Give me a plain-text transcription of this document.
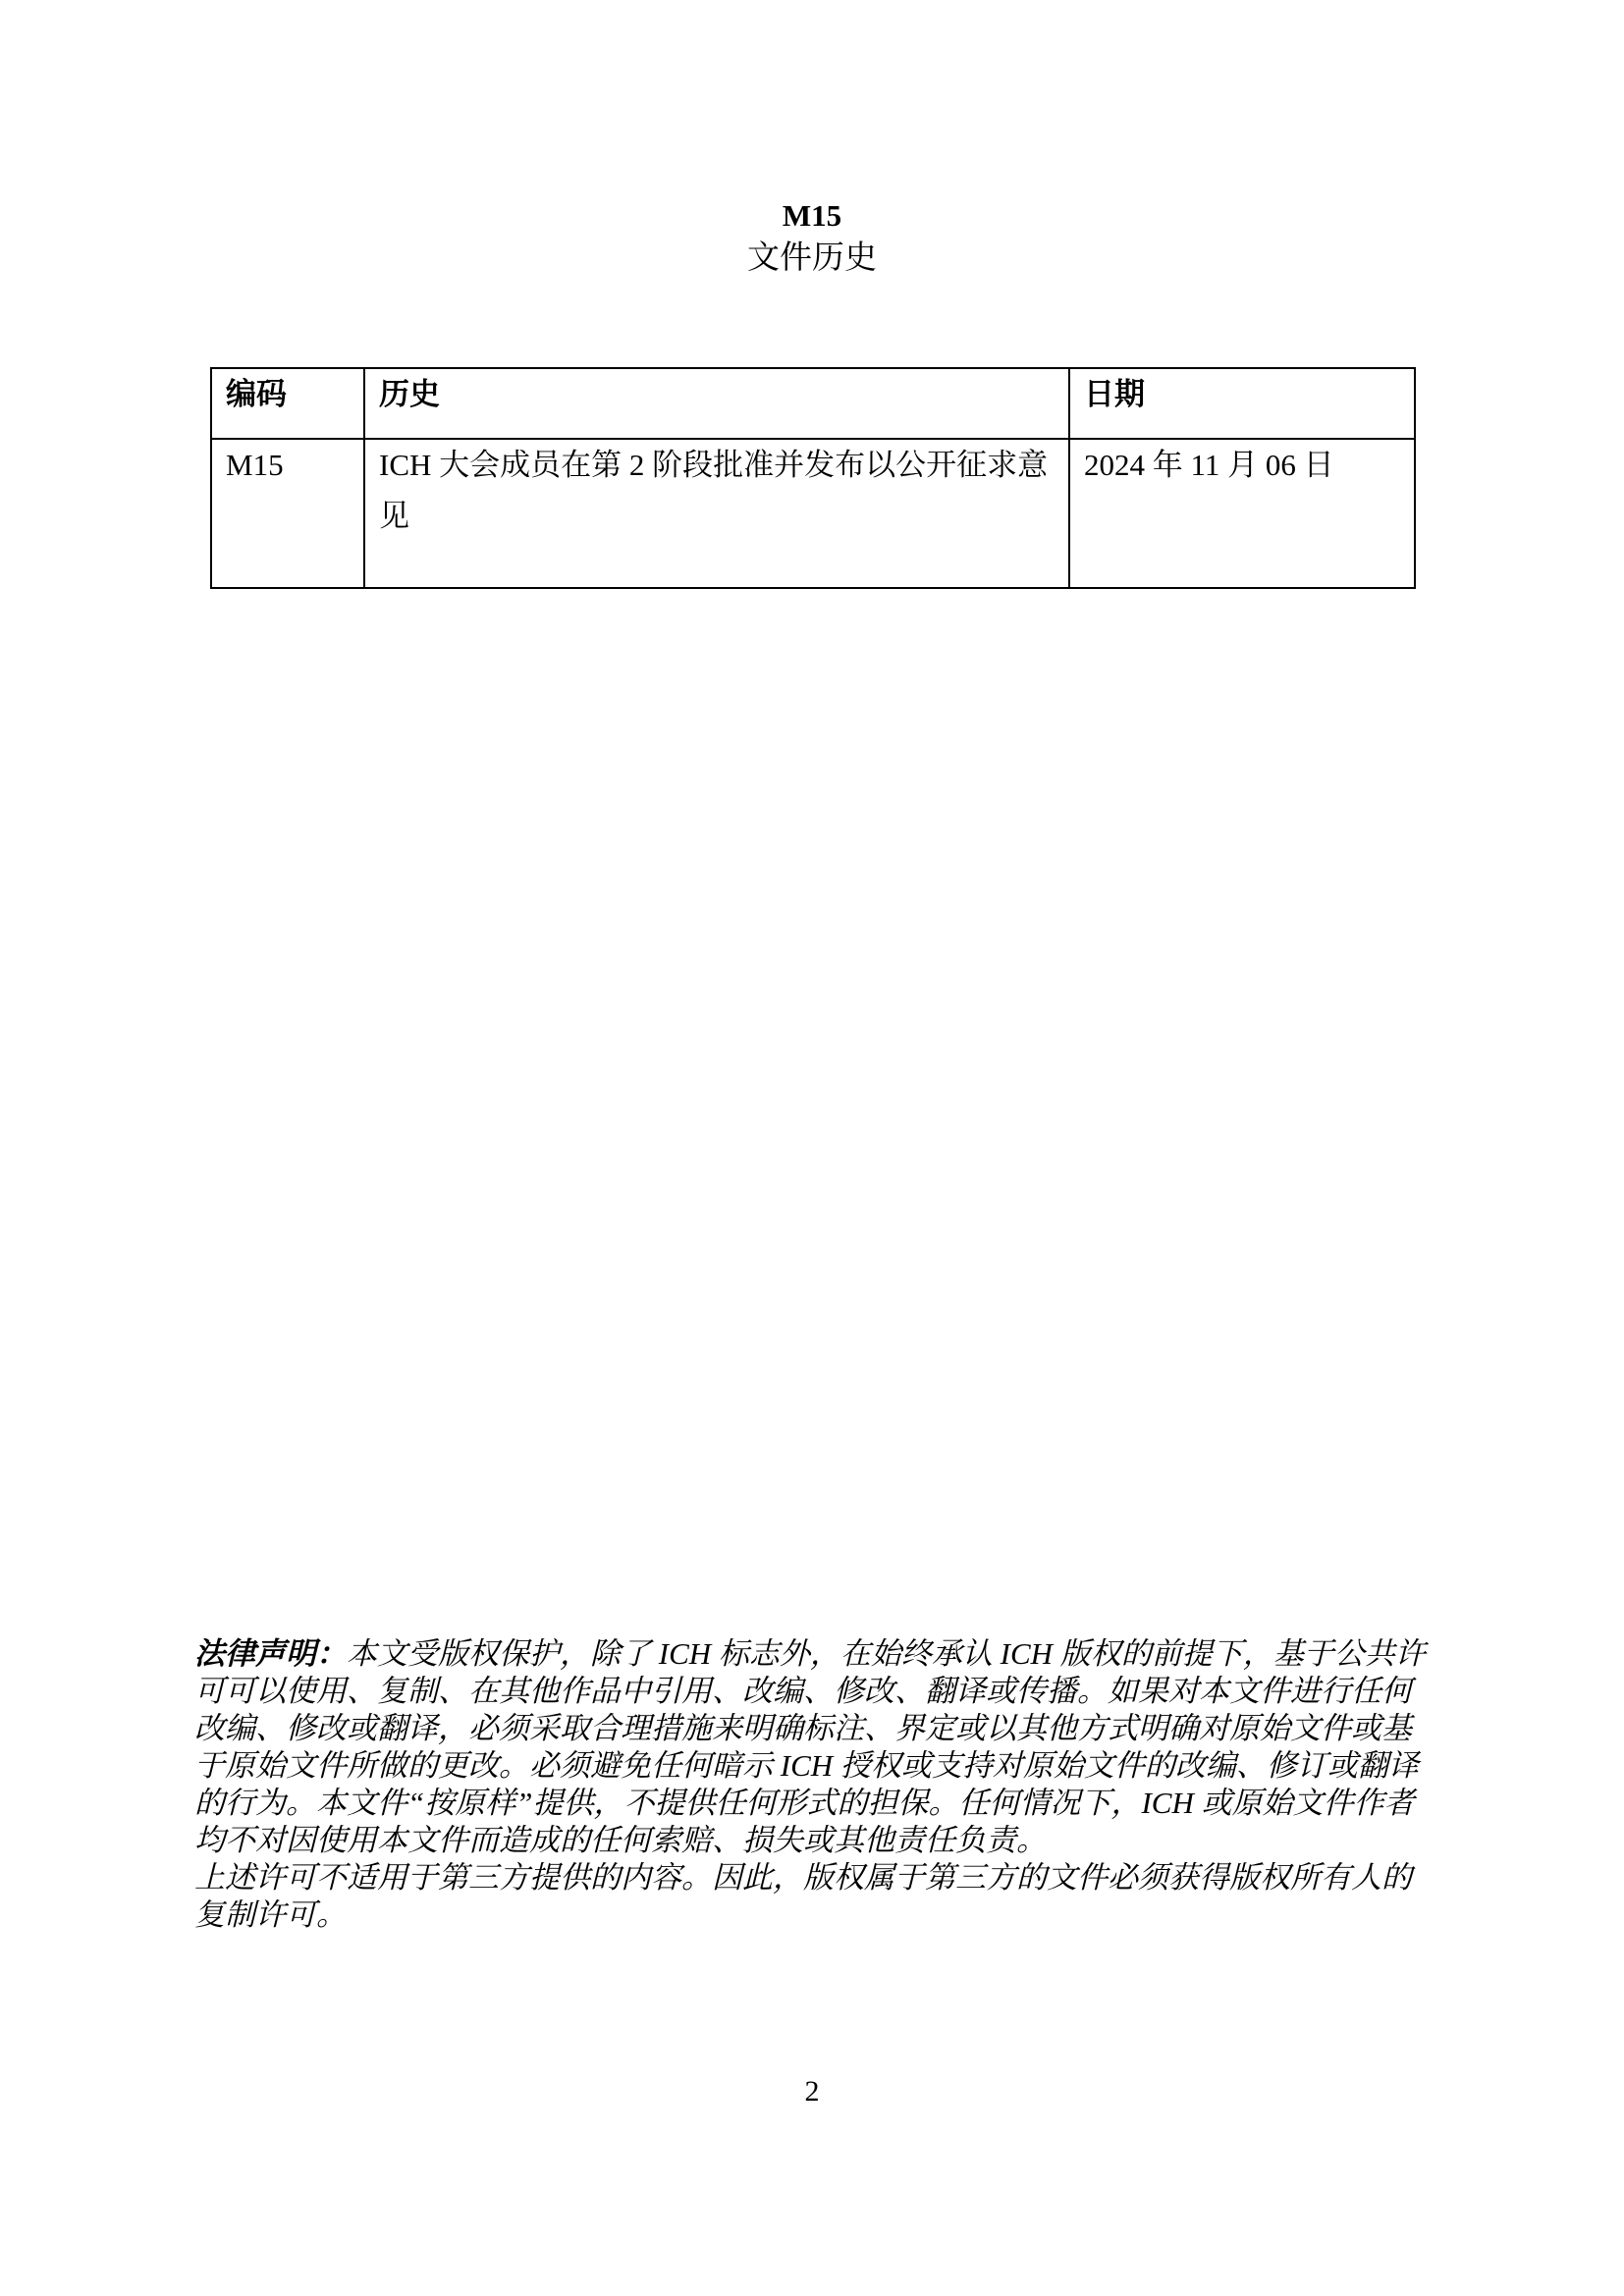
M15
文件历史
编码	历史	日期
M15	ICH 大会成员在第 2 阶段批准并发布以公开征求意见	2024 年 11 月 06 日

法律声明：本文受版权保护，除了 ICH 标志外，在始终承认 ICH 版权的前提下，基于公共许可可以使用、复制、在其他作品中引用、改编、修改、翻译或传播。如果对本文件进行任何改编、修改或翻译，必须采取合理措施来明确标注、界定或以其他方式明确对原始文件或基于原始文件所做的更改。必须避免任何暗示 ICH 授权或支持对原始文件的改编、修订或翻译的行为。本文件“按原样”提供，不提供任何形式的担保。任何情况下，ICH 或原始文件作者均不对因使用本文件而造成的任何索赔、损失或其他责任负责。

上述许可不适用于第三方提供的内容。因此，版权属于第三方的文件必须获得版权所有人的复制许可。

2
